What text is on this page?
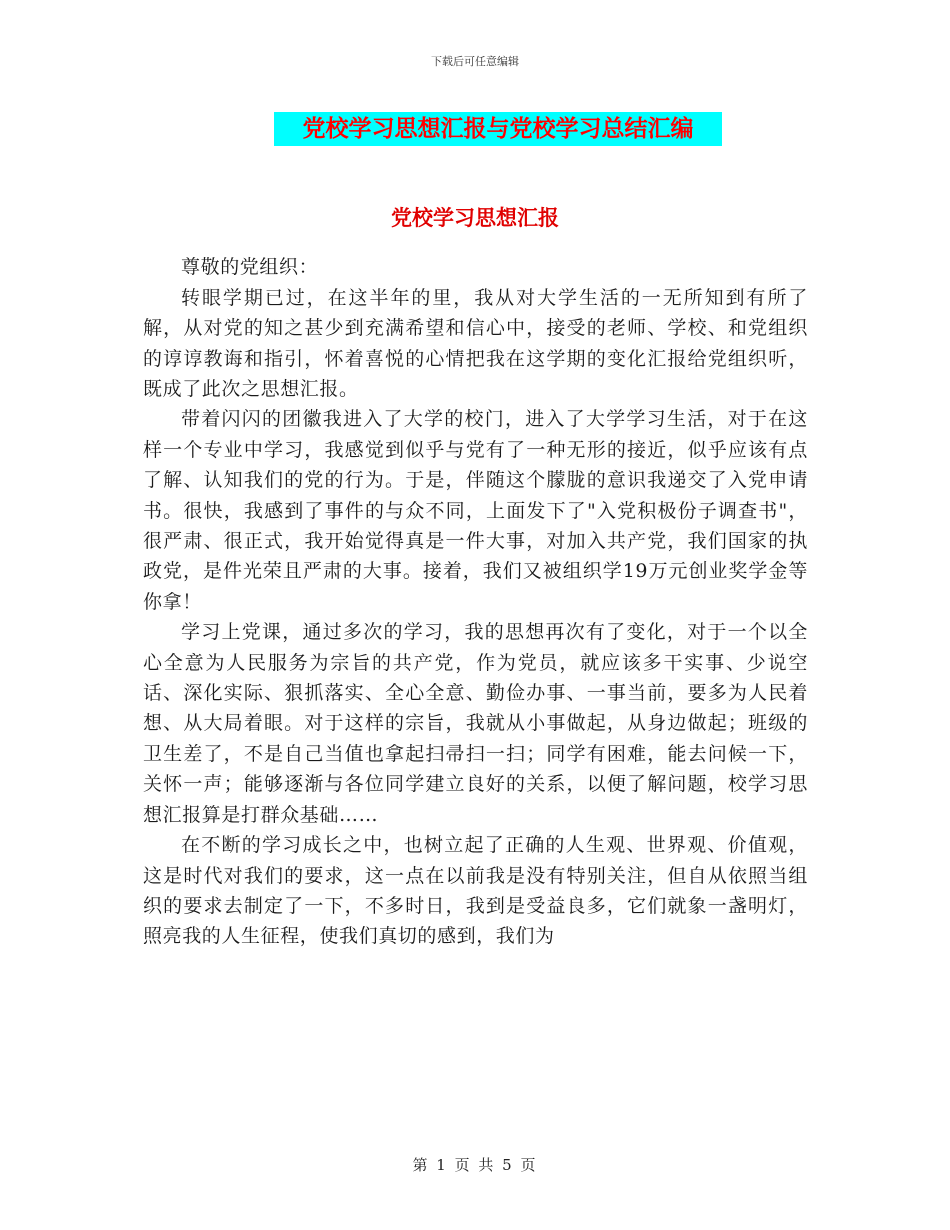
下载后可任意编辑
党校学习思想汇报与党校学习总结汇编
党校学习思想汇报

尊敬的党组织：

转眼学期已过，在这半年的里，我从对大学生活的一无所知到有所了解，从对党的知之甚少到充满希望和信心中，接受的老师、学校、和党组织的谆谆教诲和指引，怀着喜悦的心情把我在这学期的变化汇报给党组织听，既成了此次之思想汇报。

带着闪闪的团徽我进入了大学的校门，进入了大学学习生活，对于在这样一个专业中学习，我感觉到似乎与党有了一种无形的接近，似乎应该有点了解、认知我们的党的行为。于是，伴随这个朦胧的意识我递交了入党申请书。很快，我感到了事件的与众不同，上面发下了"入党积极份子调查书"，很严肃、很正式，我开始觉得真是一件大事，对加入共产党，我们国家的执政党，是件光荣且严肃的大事。接着，我们又被组织学19万元创业奖学金等你拿！

学习上党课，通过多次的学习，我的思想再次有了变化，对于一个以全心全意为人民服务为宗旨的共产党，作为党员，就应该多干实事、少说空话、深化实际、狠抓落实、全心全意、勤俭办事、一事当前，要多为人民着想、从大局着眼。对于这样的宗旨，我就从小事做起，从身边做起；班级的卫生差了，不是自己当值也拿起扫帚扫一扫；同学有困难，能去问候一下，关怀一声；能够逐渐与各位同学建立良好的关系，以便了解问题，校学习思想汇报算是打群众基础……

在不断的学习成长之中，也树立起了正确的人生观、世界观、价值观，这是时代对我们的要求，这一点在以前我是没有特别关注，但自从依照当组织的要求去制定了一下，不多时日，我到是受益良多，它们就象一盏明灯，照亮我的人生征程，使我们真切的感到，我们为

第 1 页 共 5 页
